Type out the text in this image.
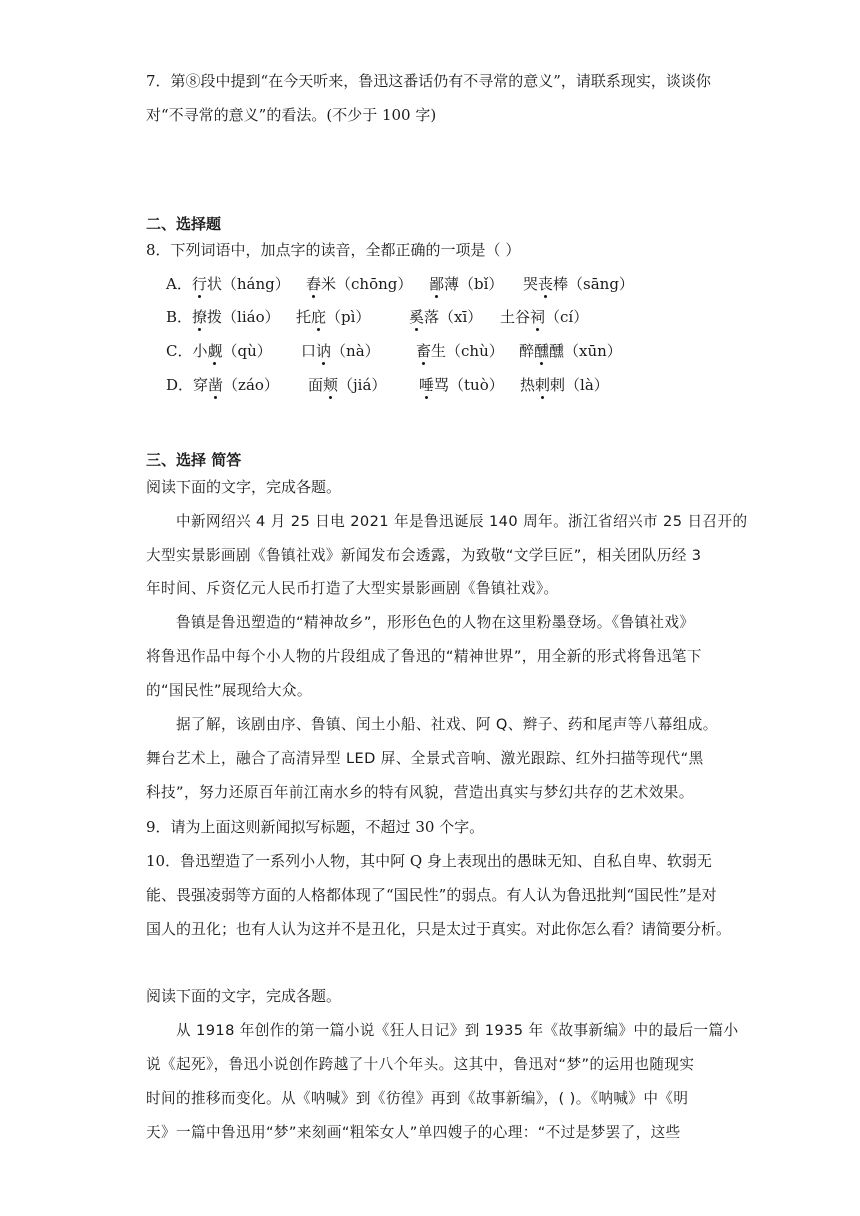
7．第⑧段中提到“在今天听来，鲁迅这番话仍有不寻常的意义”，请联系现实，谈谈你
对“不寻常的意义”的看法。(不少于 100 字)
二、选择题
8．下列词语中，加点字的读音，全都正确的一项是（ ）
A．行状（háng） 舂米（chōng） 鄙薄（bǐ） 哭丧棒（sāng）
B．撩拨（liáo） 托庇（pì）	奚落（xī） 土谷祠（cí）
C．小觑（qù） 口讷（nà） 畜生（chù） 醉醺醺（xūn）
D．穿凿（záo） 面颊（jiá） 唾骂（tuò） 热剌剌（là）
三、选择 简答
阅读下面的文字，完成各题。
中新网绍兴 4 月 25 日电 2021 年是鲁迅诞辰 140 周年。浙江省绍兴市 25 日召开的
大型实景影画剧《鲁镇社戏》新闻发布会透露，为致敬“文学巨匠”，相关团队历经 3
年时间、斥资亿元人民币打造了大型实景影画剧《鲁镇社戏》。
鲁镇是鲁迅塑造的“精神故乡”，形形色色的人物在这里粉墨登场。《鲁镇社戏》
将鲁迅作品中每个小人物的片段组成了鲁迅的“精神世界”，用全新的形式将鲁迅笔下
的“国民性”展现给大众。
据了解，该剧由序、鲁镇、闰土小船、社戏、阿 Q、辫子、药和尾声等八幕组成。
舞台艺术上，融合了高清异型 LED 屏、全景式音响、激光跟踪、红外扫描等现代“黑
科技”，努力还原百年前江南水乡的特有风貌，营造出真实与梦幻共存的艺术效果。
9．请为上面这则新闻拟写标题，不超过 30 个字。
10．鲁迅塑造了一系列小人物，其中阿 Q 身上表现出的愚昧无知、自私自卑、软弱无
能、畏强凌弱等方面的人格都体现了“国民性”的弱点。有人认为鲁迅批判“国民性”是对
国人的丑化；也有人认为这并不是丑化，只是太过于真实。对此你怎么看？请简要分析。
阅读下面的文字，完成各题。
从 1918 年创作的第一篇小说《狂人日记》到 1935 年《故事新编》中的最后一篇小
说《起死》，鲁迅小说创作跨越了十八个年头。这其中，鲁迅对“梦”的运用也随现实
时间的推移而变化。从《呐喊》到《彷徨》再到《故事新编》，( )。《呐喊》中《明
天》一篇中鲁迅用“梦”来刻画“粗笨女人”单四嫂子的心理：“不过是梦罢了，这些
